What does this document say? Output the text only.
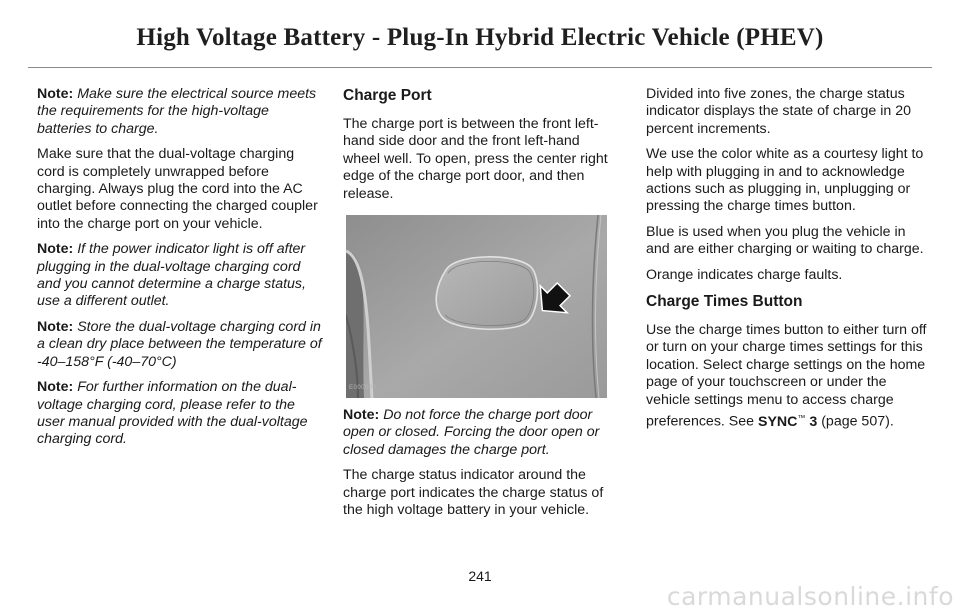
High Voltage Battery - Plug-In Hybrid Electric Vehicle (PHEV)

Note: Make sure the electrical source meets the requirements for the high-voltage batteries to charge.

Make sure that the dual-voltage charging cord is completely unwrapped before charging. Always plug the cord into the AC outlet before connecting the charged coupler into the charge port on your vehicle.

Note: If the power indicator light is off after plugging in the dual-voltage charging cord and you cannot determine a charge status, use a different outlet.

Note: Store the dual-voltage charging cord in a clean dry place between the temperature of -40–158°F (-40–70°C)

Note: For further information on the dual-voltage charging cord, please refer to the user manual provided with the dual-voltage charging cord.

Charge Port

The charge port is between the front left-hand side door and the front left-hand wheel well. To open, press the center right edge of the charge port door, and then release.

E000000

Note: Do not force the charge port door open or closed. Forcing the door open or closed damages the charge port.

The charge status indicator around the charge port indicates the charge status of the high voltage battery in your vehicle.

Divided into five zones, the charge status indicator displays the state of charge in 20 percent increments.

We use the color white as a courtesy light to help with plugging in and to acknowledge actions such as plugging in, unplugging or pressing the charge times button.

Blue is used when you plug the vehicle in and are either charging or waiting to charge.

Orange indicates charge faults.

Charge Times Button

Use the charge times button to either turn off or turn on your charge times settings for this location. Select charge settings on the home page of your touchscreen or under the vehicle settings menu to access charge preferences. See SYNC™ 3 (page 507).

241
carmanualsonline.info
